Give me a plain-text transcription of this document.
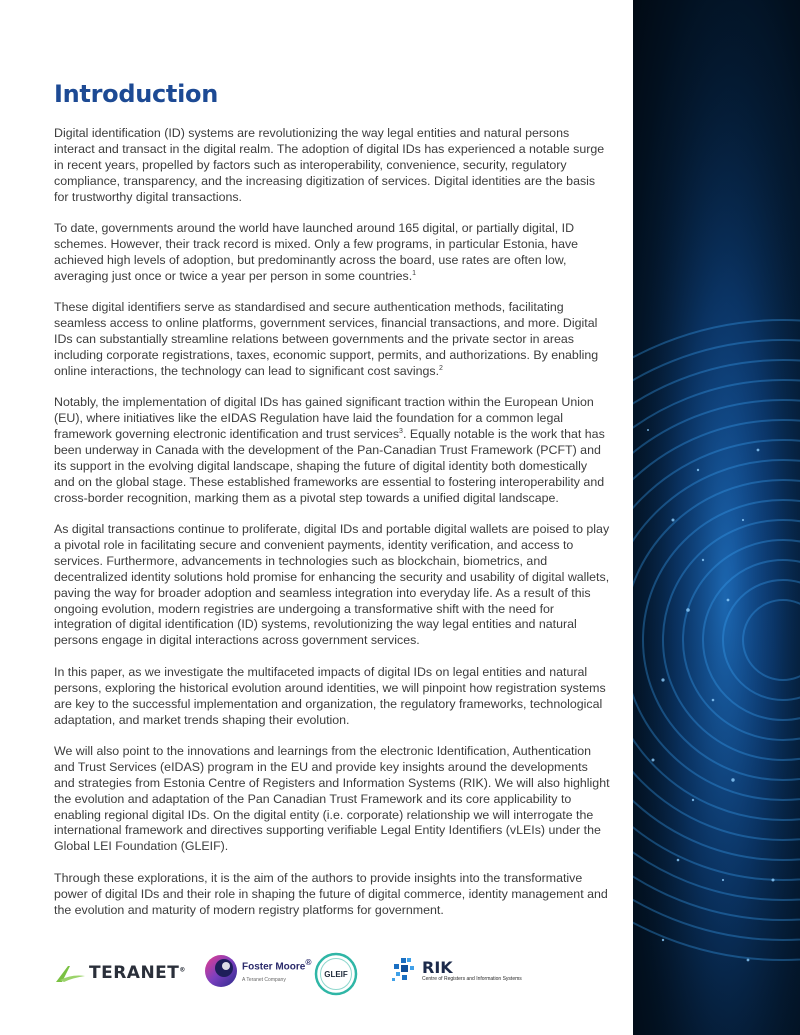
Introduction

Digital identification (ID) systems are revolutionizing the way legal entities and natural persons interact and transact in the digital realm. The adoption of digital IDs has experienced a notable surge in recent years, propelled by factors such as interoperability, convenience, security, regulatory compliance, transparency, and the increasing digitization of services. Digital identities are the basis for trustworthy digital transactions.

To date, governments around the world have launched around 165 digital, or partially digital, ID schemes. However, their track record is mixed. Only a few programs, in particular Estonia, have achieved high levels of adoption, but predominantly across the board, use rates are often low, averaging just once or twice a year per person in some countries.$^1$

These digital identifiers serve as standardised and secure authentication methods, facilitating seamless access to online platforms, government services, financial transactions, and more. Digital IDs can substantially streamline relations between governments and the private sector in areas including corporate registrations, taxes, economic support, permits, and authorizations. By enabling online interactions, the technology can lead to significant cost savings.$^2$

Notably, the implementation of digital IDs has gained significant traction within the European Union (EU), where initiatives like the eIDAS Regulation have laid the foundation for a common legal framework governing electronic identification and trust services$^3$. Equally notable is the work that has been underway in Canada with the development of the Pan-Canadian Trust Framework (PCFT) and its support in the evolving digital landscape, shaping the future of digital identity both domestically and on the global stage. These established frameworks are essential to fostering interoperability and cross-border recognition, marking them as a pivotal step towards a unified digital landscape.

As digital transactions continue to proliferate, digital IDs and portable digital wallets are poised to play a pivotal role in facilitating secure and convenient payments, identity verification, and access to services. Furthermore, advancements in technologies such as blockchain, biometrics, and decentralized identity solutions hold promise for enhancing the security and usability of digital wallets, paving the way for broader adoption and seamless integration into everyday life. As a result of this ongoing evolution, modern registries are undergoing a transformative shift with the need for integration of digital identification (ID) systems, revolutionizing the way legal entities and natural persons engage in digital interactions across government services.

In this paper, as we investigate the multifaceted impacts of digital IDs on legal entities and natural persons, exploring the historical evolution around identities, we will pinpoint how registration systems are key to the successful implementation and organization, the regulatory frameworks, technological adaptation, and market trends shaping their evolution.

We will also point to the innovations and learnings from the electronic Identification, Authentication and Trust Services (eIDAS) program in the EU and provide key insights around the developments and strategies from Estonia Centre of Registers and Information Systems (RIK). We will also highlight the evolution and adaptation of the Pan Canadian Trust Framework and its core applicability to enabling regional digital IDs. On the digital entity (i.e. corporate) relationship we will interrogate the international framework and directives supporting verifiable Legal Entity Identifiers (vLEIs) under the Global LEI Foundation (GLEIF).

Through these explorations, it is the aim of the authors to provide insights into the transformative power of digital IDs and their role in shaping the future of digital commerce, identity management and the evolution and maturity of modern registry platforms for government.

TERANET®	Foster Moore®
A Teranet Company
GLEIF	RIK
Centre of Registers and Information Systems
